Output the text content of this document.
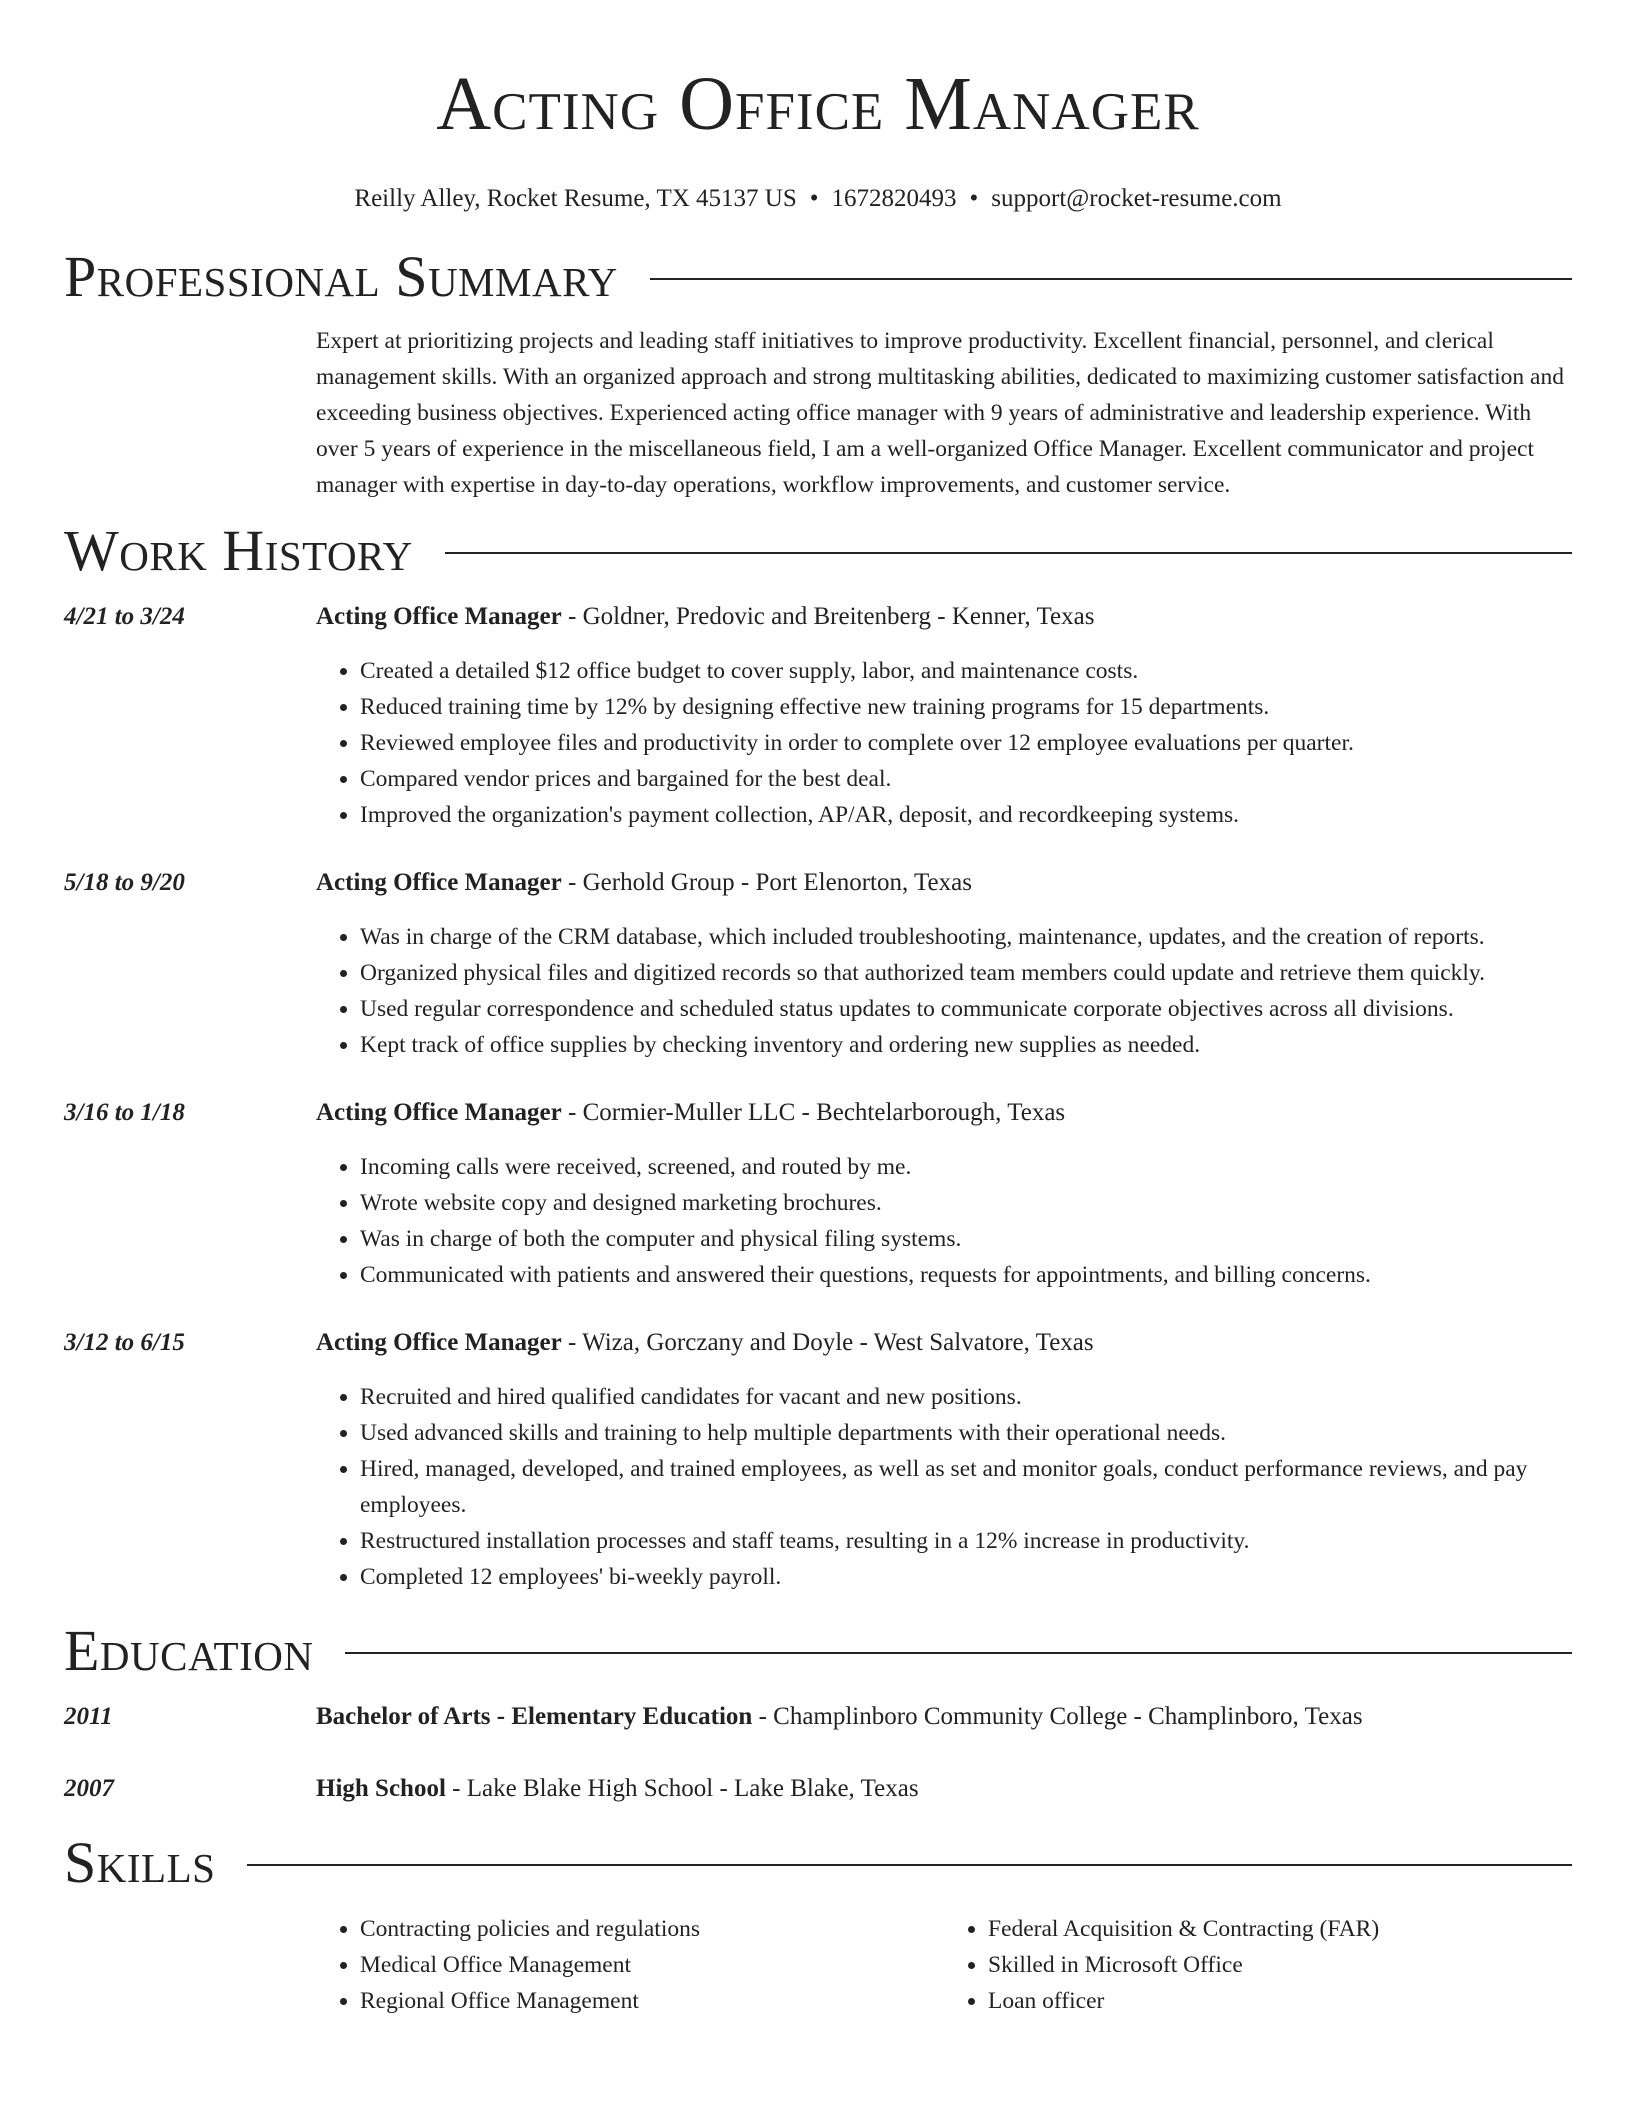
Acting Office Manager
Reilly Alley, Rocket Resume, TX 45137 US • 1672820493 • support@rocket-resume.com
Professional Summary
Expert at prioritizing projects and leading staff initiatives to improve productivity. Excellent financial, personnel, and clerical management skills. With an organized approach and strong multitasking abilities, dedicated to maximizing customer satisfaction and exceeding business objectives. Experienced acting office manager with 9 years of administrative and leadership experience. With over 5 years of experience in the miscellaneous field, I am a well-organized Office Manager. Excellent communicator and project manager with expertise in day-to-day operations, workflow improvements, and customer service.
Work History
4/21 to 3/24	Acting Office Manager - Goldner, Predovic and Breitenberg - Kenner, Texas
• Created a detailed $12 office budget to cover supply, labor, and maintenance costs.
• Reduced training time by 12% by designing effective new training programs for 15 departments.
• Reviewed employee files and productivity in order to complete over 12 employee evaluations per quarter.
• Compared vendor prices and bargained for the best deal.
• Improved the organization's payment collection, AP/AR, deposit, and recordkeeping systems.
5/18 to 9/20	Acting Office Manager - Gerhold Group - Port Elenorton, Texas
• Was in charge of the CRM database, which included troubleshooting, maintenance, updates, and the creation of reports.
• Organized physical files and digitized records so that authorized team members could update and retrieve them quickly.
• Used regular correspondence and scheduled status updates to communicate corporate objectives across all divisions.
• Kept track of office supplies by checking inventory and ordering new supplies as needed.
3/16 to 1/18	Acting Office Manager - Cormier-Muller LLC - Bechtelarborough, Texas
• Incoming calls were received, screened, and routed by me.
• Wrote website copy and designed marketing brochures.
• Was in charge of both the computer and physical filing systems.
• Communicated with patients and answered their questions, requests for appointments, and billing concerns.
3/12 to 6/15	Acting Office Manager - Wiza, Gorczany and Doyle - West Salvatore, Texas
• Recruited and hired qualified candidates for vacant and new positions.
• Used advanced skills and training to help multiple departments with their operational needs.
• Hired, managed, developed, and trained employees, as well as set and monitor goals, conduct performance reviews, and pay employees.
• Restructured installation processes and staff teams, resulting in a 12% increase in productivity.
• Completed 12 employees' bi-weekly payroll.
Education
2011	Bachelor of Arts - Elementary Education - Champlinboro Community College - Champlinboro, Texas
2007	High School - Lake Blake High School - Lake Blake, Texas
Skills
• Contracting policies and regulations
• Medical Office Management
• Regional Office Management
• Federal Acquisition & Contracting (FAR)
• Skilled in Microsoft Office
• Loan officer
